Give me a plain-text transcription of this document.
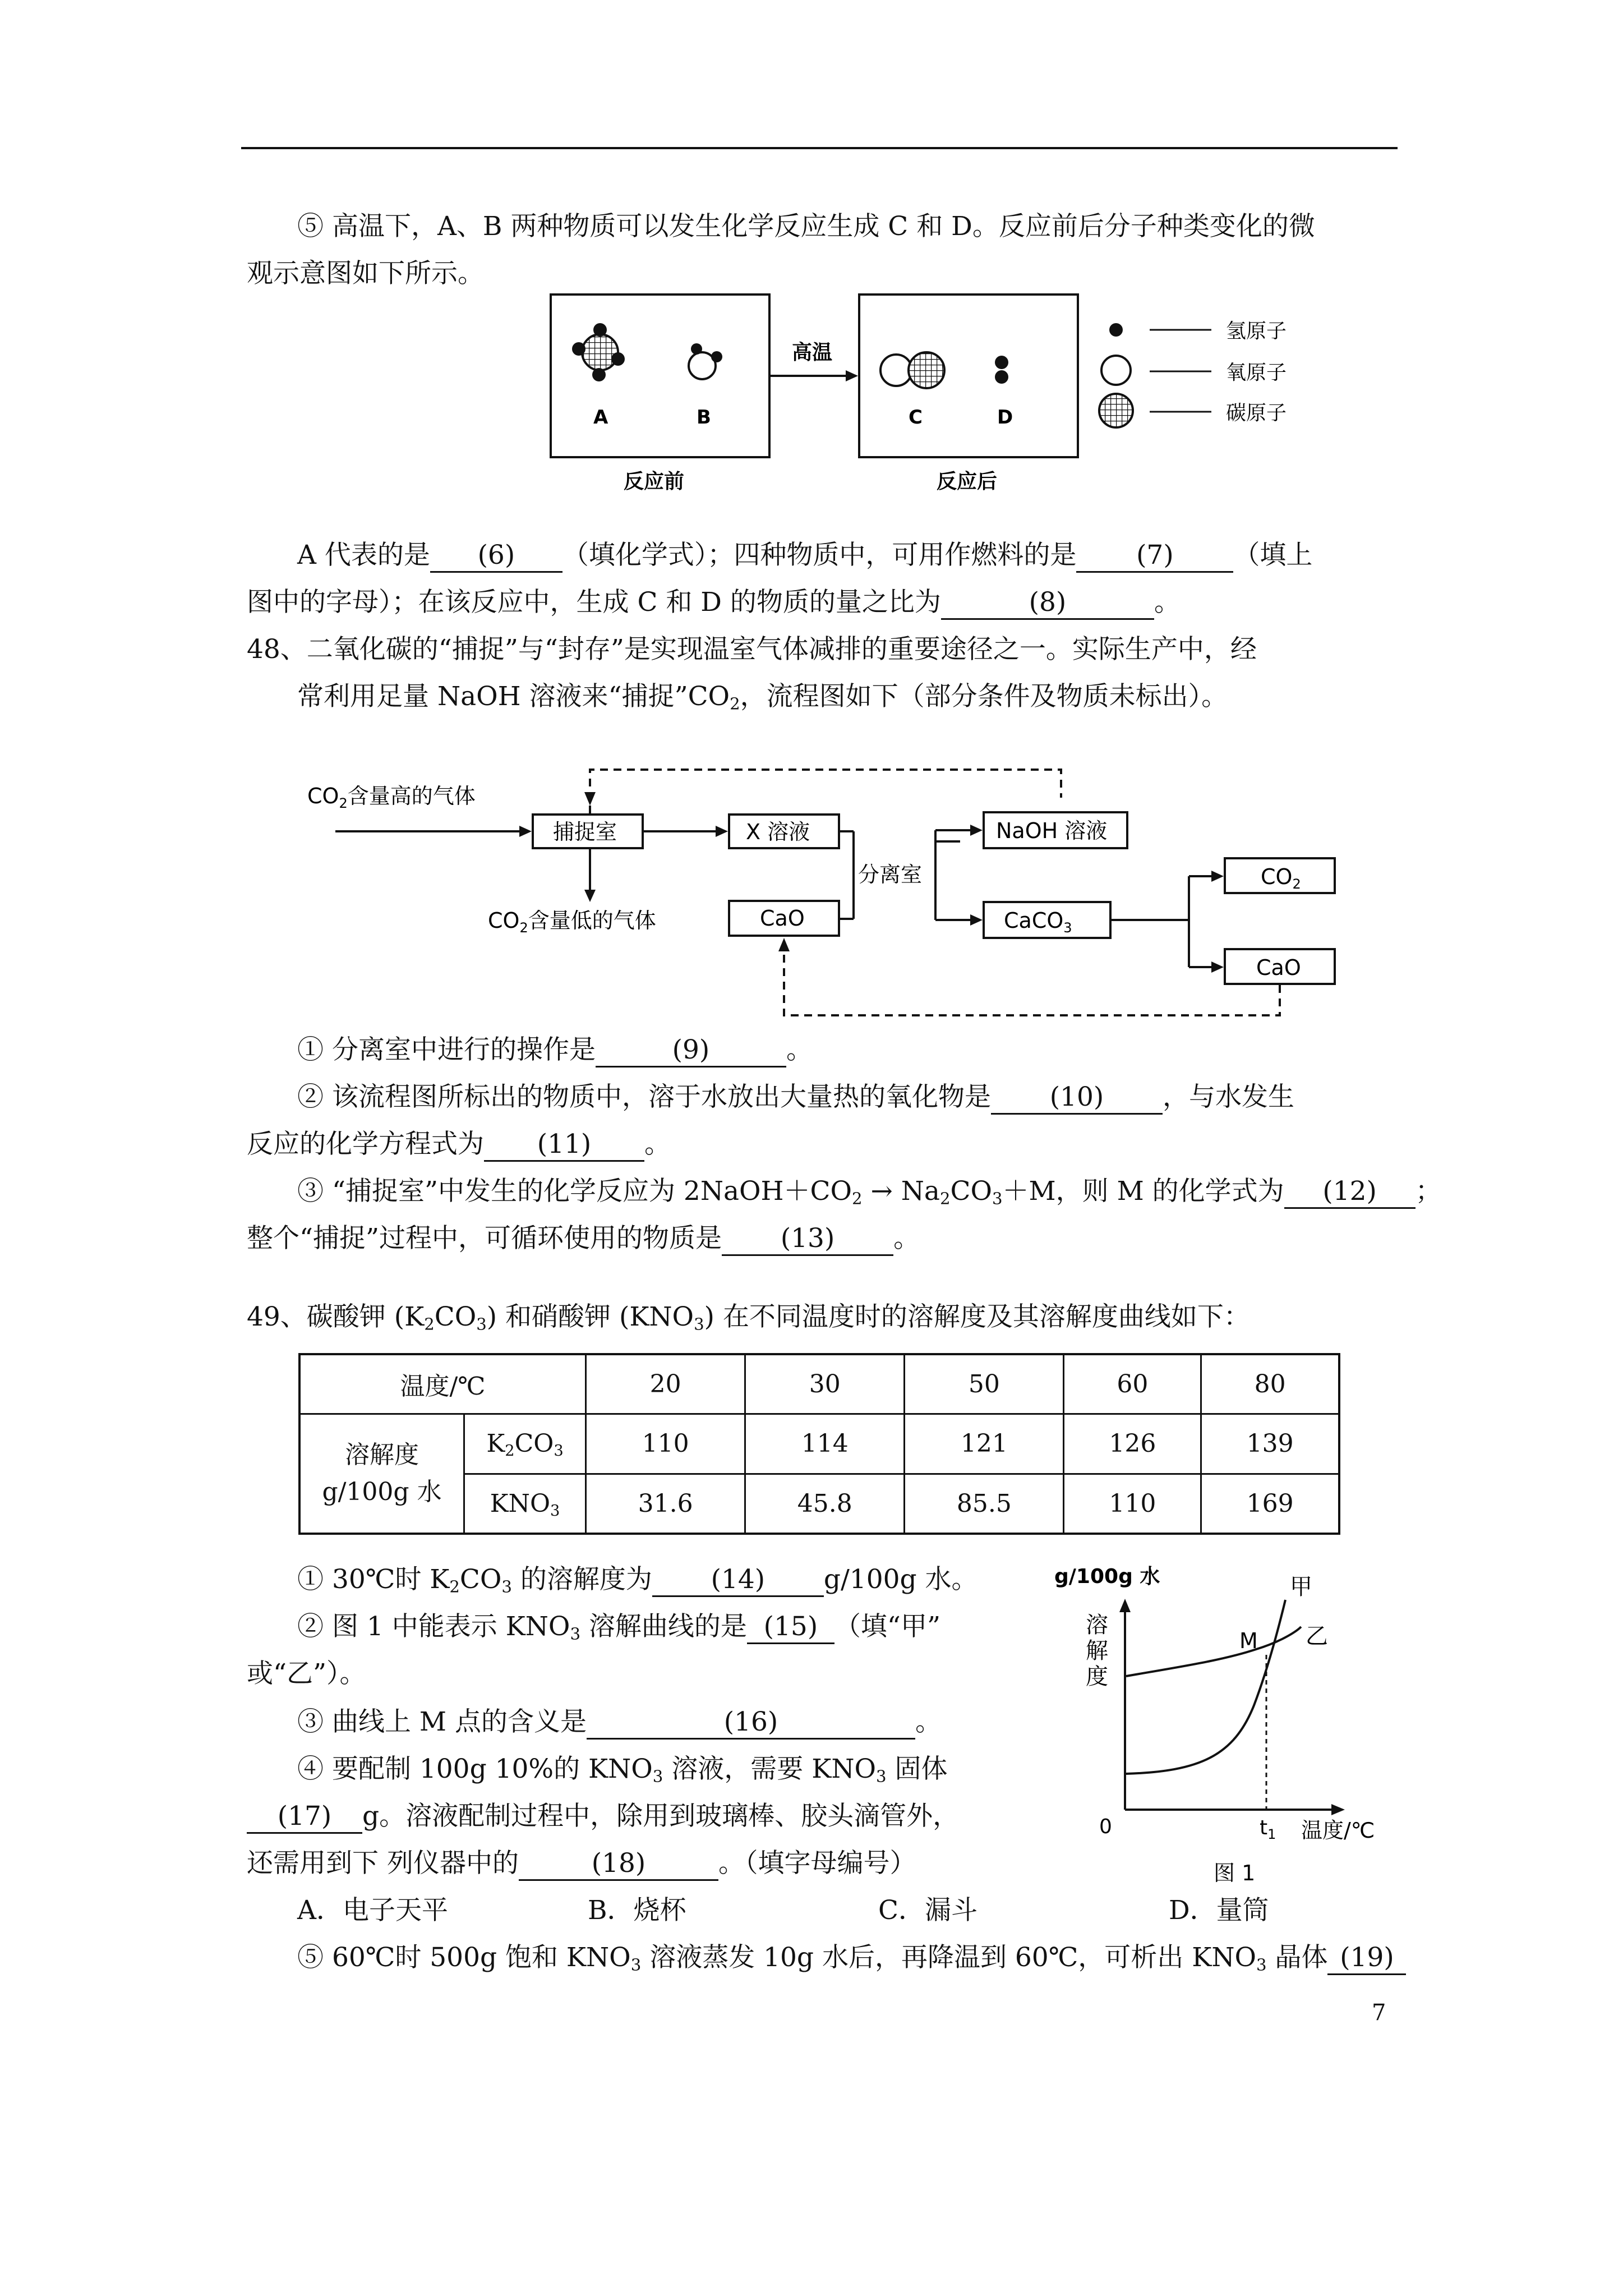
⑤ 高温下，A、B 两种物质可以发生化学反应生成 C 和 D。反应前后分子种类变化的微
观示意图如下所示。
A	B
高温
C	D
反应前	反应后
氢原子
氧原子
碳原子
A 代表的是 (6) （填化学式）；四种物质中，可用作燃料的是 (7) （填上
图中的字母）；在该反应中，生成 C 和 D 的物质的量之比为	(8)	。
48、二氧化碳的“捕捉”与“封存”是实现温室气体减排的重要途径之一。实际生产中，经
常利用足量 NaOH 溶液来“捕捉$”CO_2$，流程图如下（部分条件及物质未标出）。
$CO_2$含量高的气体
捕捉室
$CO_2$含量低的气体
X 溶液
CaO
分离室
NaOH 溶液
CaCO$_3$
$CO_2$
CaO
① 分离室中进行的操作是	(9)	。
② 该流程图所标出的物质中，溶于水放出大量热的氧化物是 (10) ，与水发生
反应的化学方程式为 (11) 。
③ “捕捉室”中发生的化学反应为 $2NaOH+CO_2 \to Na_2CO_3+M$，则 M 的化学式为 (12) ；
整个“捕捉”过程中，可循环使用的物质是 (13) 。
49、碳酸钾 $(K_2CO_3)$ 和硝酸钾 $(KNO_3)$ 在不同温度时的溶解度及其溶解度曲线如下：
温度/℃		20	30	50	60	80

溶解度
g/100g 水	$K_2CO_3$	110	114	121	126	139
	$KNO_3$	31.6	45.8	85.5	110	169
① 30℃时 $K_2CO_3$ 的溶解度为 (14) g/100g 水。
② 图 1 中能表示 $KNO_3$ 溶解曲线的是 (15) （填“甲”
或“乙”）。
③ 曲线上 M 点的含义是	(16)	。
④ 要配制 100g 10%的 $KNO_3$ 溶液，需要 $KNO_3$ 固体
(17) g。溶液配制过程中，除用到玻璃棒、胶头滴管外，
还需用到下 列仪器中的	(18)	。（填字母编号）
A．电子天平	B．烧杯	C．漏斗	D．量筒
⑤ 60℃时 500g 饱和 $KNO_3$ 溶液蒸发 10g 水后，再降温到 60℃，可析出 $KNO_3$ 晶体 (19)
g/100g 水
溶
解
度
0
M
甲
乙
$t_1$ 温度/℃
图 1
7
